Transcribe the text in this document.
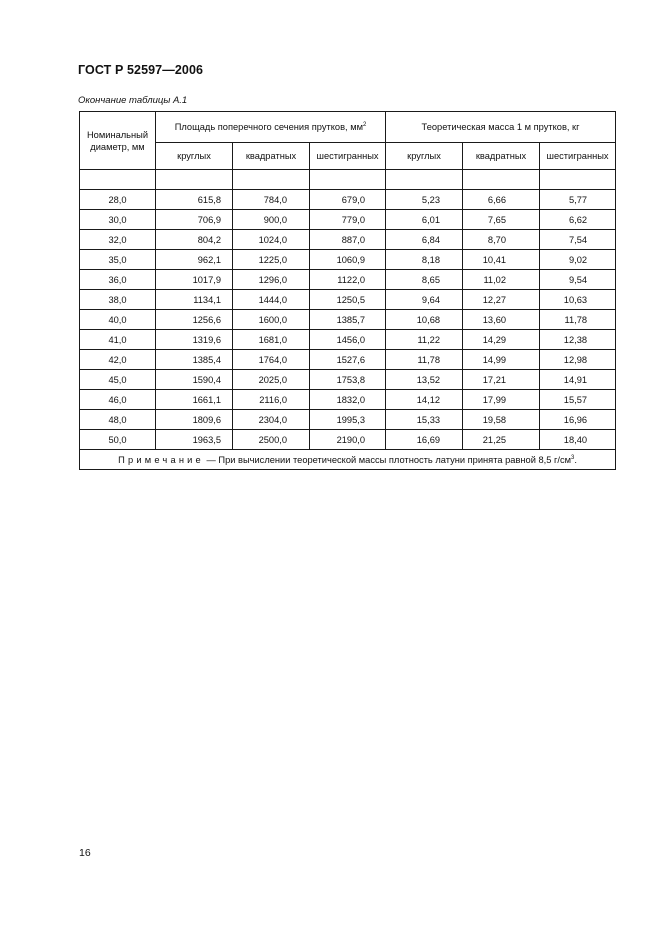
ГОСТ Р 52597—2006
Окончание таблицы А.1
Номинальный диаметр, мм	Площадь поперечного сечения прутков, $мм^2$			Теоретическая масса 1 м прутков, кг		
	круглых	квадратных	шестигранных	круглых	квадратных	шестигранных

28,0	615,8	784,0	679,0	5,23	6,66	5,77
30,0	706,9	900,0	779,0	6,01	7,65	6,62
32,0	804,2	1024,0	887,0	6,84	8,70	7,54
35,0	962,1	1225,0	1060,9	8,18	10,41	9,02
36,0	1017,9	1296,0	1122,0	8,65	11,02	9,54
38,0	1134,1	1444,0	1250,5	9,64	12,27	10,63
40,0	1256,6	1600,0	1385,7	10,68	13,60	11,78
41,0	1319,6	1681,0	1456,0	11,22	14,29	12,38
42,0	1385,4	1764,0	1527,6	11,78	14,99	12,98
45,0	1590,4	2025,0	1753,8	13,52	17,21	14,91
46,0	1661,1	2116,0	1832,0	14,12	17,99	15,57
48,0	1809,6	2304,0	1995,3	15,33	19,58	16,96
50,0	1963,5	2500,0	2190,0	16,69	21,25	18,40
Примечание — При вычислении теоретической массы плотность латуни принята равной 8,5 $г/см^3$.						
16
